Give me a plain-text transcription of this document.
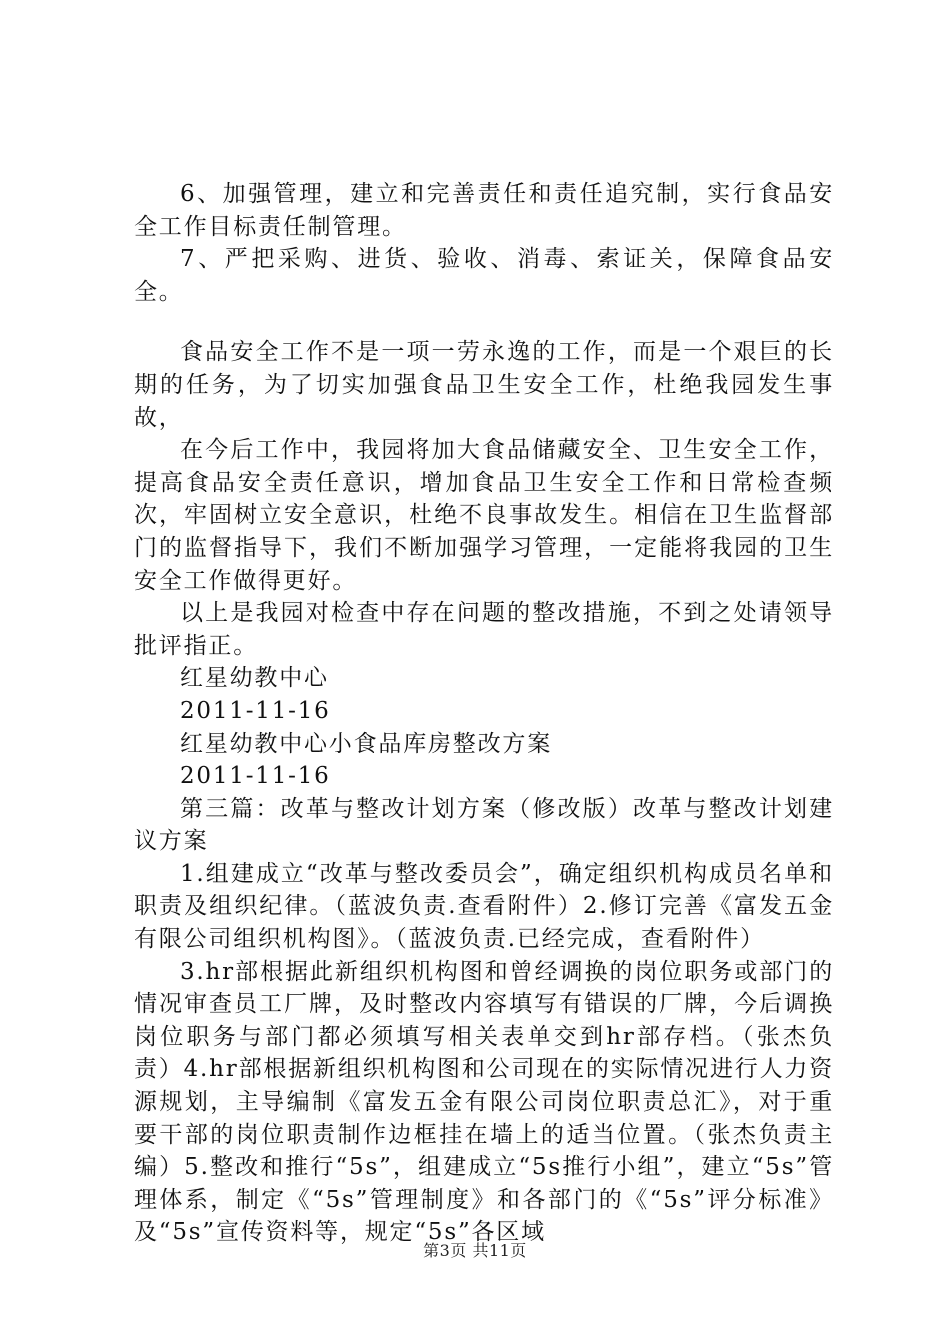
6、加强管理，建立和完善责任和责任追究制，实行食品安全工作目标责任制管理。

7、严把采购、进货、验收、消毒、索证关，保障食品安全。

食品安全工作不是一项一劳永逸的工作，而是一个艰巨的长期的任务，为了切实加强食品卫生安全工作，杜绝我园发生事故，

在今后工作中，我园将加大食品储藏安全、卫生安全工作，提高食品安全责任意识，增加食品卫生安全工作和日常检查频次，牢固树立安全意识，杜绝不良事故发生。相信在卫生监督部门的监督指导下，我们不断加强学习管理，一定能将我园的卫生安全工作做得更好。

以上是我园对检查中存在问题的整改措施，不到之处请领导批评指正。

红星幼教中心

2011-11-16

红星幼教中心小食品库房整改方案

2011-11-16

第三篇：改革与整改计划方案（修改版）改革与整改计划建议方案

1.组建成立“改革与整改委员会”，确定组织机构成员名单和职责及组织纪律。（蓝波负责.查看附件）2.修订完善《富发五金有限公司组织机构图》。（蓝波负责.已经完成，查看附件）

3.hr部根据此新组织机构图和曾经调换的岗位职务或部门的情况审查员工厂牌，及时整改内容填写有错误的厂牌，今后调换岗位职务与部门都必须填写相关表单交到hr部存档。（张杰负责）4.hr部根据新组织机构图和公司现在的实际情况进行人力资源规划，主导编制《富发五金有限公司岗位职责总汇》，对于重要干部的岗位职责制作边框挂在墙上的适当位置。（张杰负责主编）5.整改和推行“5s”，组建成立“5s推行小组”，建立“5s”管理体系，制定《“5s”管理制度》和各部门的《“5s”评分标准》及“5s”宣传资料等，规定“5s”各区域

第3页 共11页
